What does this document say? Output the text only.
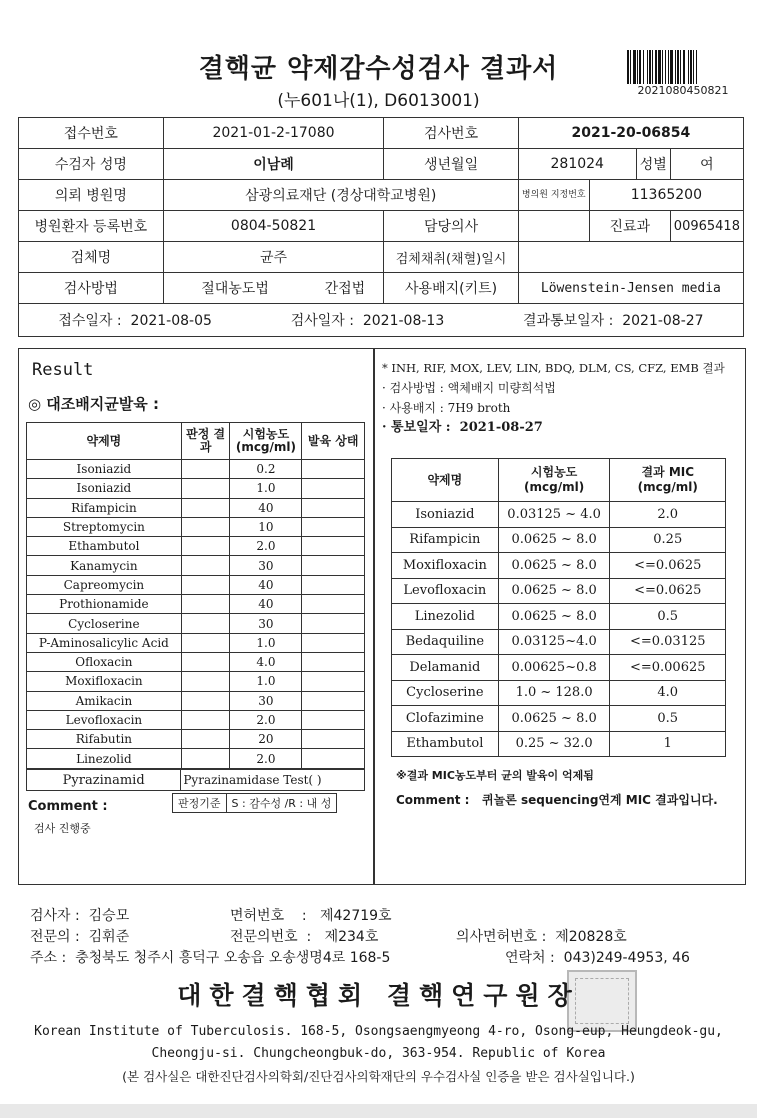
결핵균 약제감수성검사 결과서
(누601나(1), D6013001)
2021080450821
접수번호	2021-01-2-17080		검사번호	2021-20-06854			
수검자 성명	이남례		생년월일	281024		성별	여
의뢰 병원명	삼광의료재단 (경상대학교병원)			병의원 지정번호	11365200		
병원환자 등록번호	0804-50821		담당의사		진료과		00965418
검체명	균주		검체채취(채혈)일시				
검사방법	절대농도법	간접법	사용배지(키트)	Löwenstein-Jensen media			

접수일자 : 2021-08-05 검사일자 : 2021-08-13 결과통보일자 : 2021-08-27							
Result
◎ 대조배지균발육 :
약제명	판정 결과	시험농도 (mcg/ml)	발육 상태
Isoniazid		0.2	
Isoniazid		1.0	
Rifampicin		40	
Streptomycin		10	
Ethambutol		2.0	
Kanamycin		30	
Capreomycin		40	
Prothionamide		40	
Cycloserine		30	
P-Aminosalicylic Acid		1.0	
Ofloxacin		4.0	
Moxifloxacin		1.0	
Amikacin		30	
Levofloxacin		2.0	
Rifabutin		20	
Linezolid		2.0	
Pyrazinamid	Pyrazinamidase Test( )
Comment :	판정기준	S : 감수성 /R : 내 성
검사 진행중
* INH, RIF, MOX, LEV, LIN, BDQ, DLM, CS, CFZ, EMB 결과
· 검사방법 : 액체배지 미량희석법
· 사용배지 : 7H9 broth
· 통보일자 : 2021-08-27
약제명	시험농도 (mcg/ml)	결과 MIC (mcg/ml)
Isoniazid	0.03125 ~ 4.0	2.0
Rifampicin	0.0625 ~ 8.0	0.25
Moxifloxacin	0.0625 ~ 8.0	<=0.0625
Levofloxacin	0.0625 ~ 8.0	<=0.0625
Linezolid	0.0625 ~ 8.0	0.5
Bedaquiline	0.03125~4.0	<=0.03125
Delamanid	0.00625~0.8	<=0.00625
Cycloserine	1.0 ~ 128.0	4.0
Clofazimine	0.0625 ~ 8.0	0.5
Ethambutol	0.25 ~ 32.0	1
※결과 MIC농도부터 균의 발육이 억제됨
Comment : 퀴놀론 sequencing연계 MIC 결과입니다.
검사자 : 김승모	면허번호    :   제42719호
전문의 : 김휘준	전문의번호  :   제234호	의사면허번호 : 제20828호
주소 : 충청북도 청주시 흥덕구 오송읍 오송생명4로 168-5	연락처 : 043)249-4953, 46
대한결핵협회 결핵연구원장
Korean Institute of Tuberculosis. 168-5, Osongsaengmyeong 4-ro, Osong-eup, Heungdeok-gu,
Cheongju-si. Chungcheongbuk-do, 363-954. Republic of Korea
(본 검사실은 대한진단검사의학회/진단검사의학재단의 우수검사실 인증을 받은 검사실입니다.)
